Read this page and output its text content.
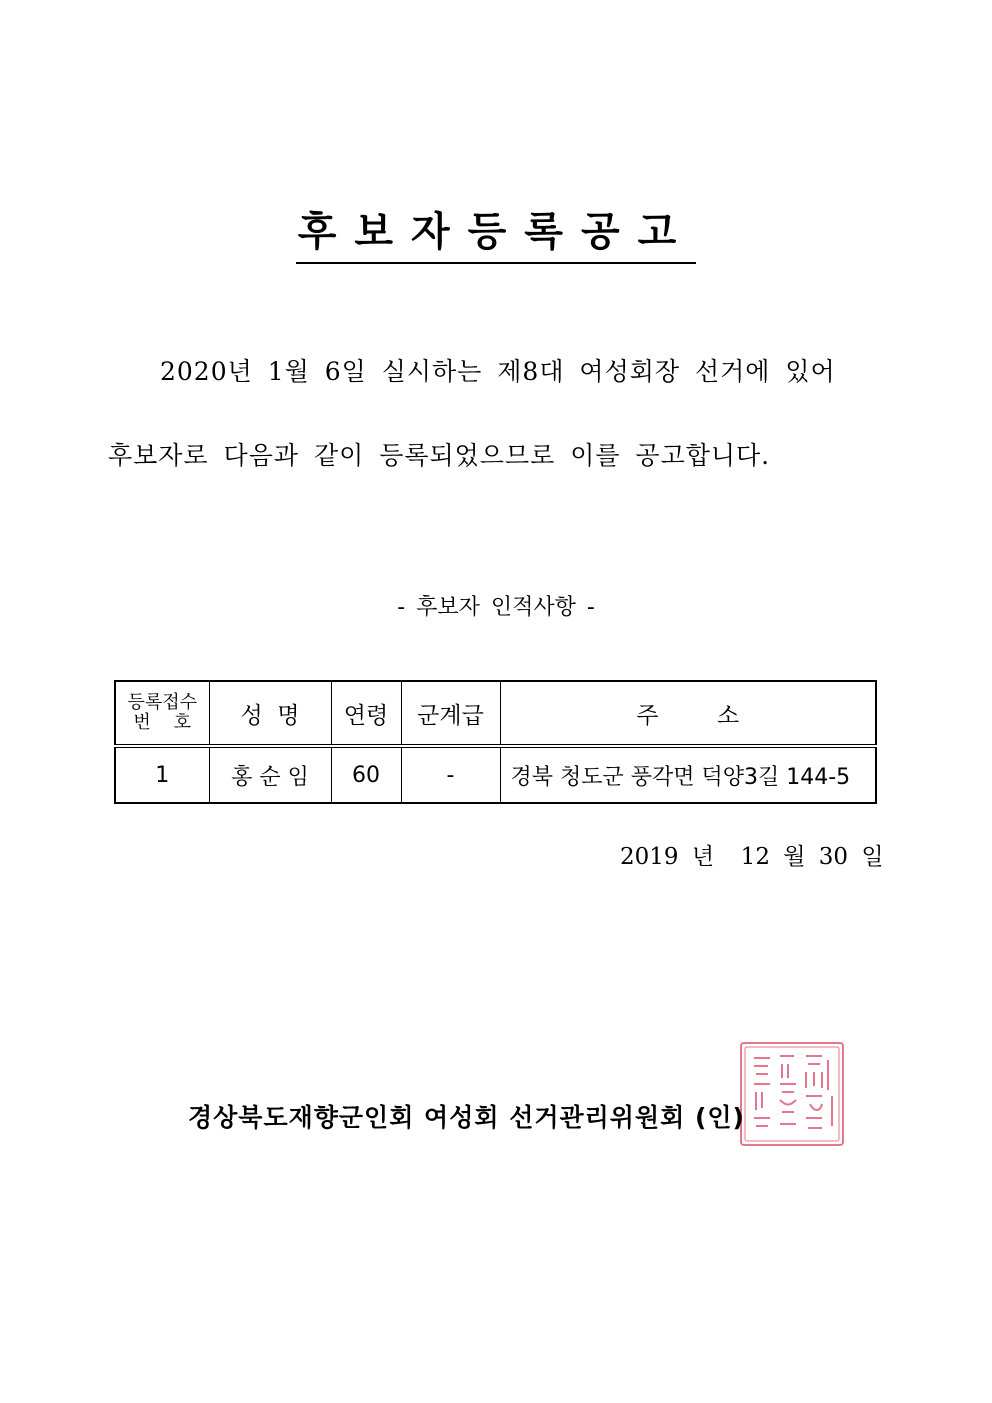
후보자등록공고
2020년 1월 6일 실시하는 제8대 여성회장 선거에 있어
후보자로 다음과 같이 등록되었으므로 이를 공고합니다.
- 후보자 인적사항 -
등록접수
번    호	성  명	연령	군계급	주        소
1	홍 순 임	60	-	경북 청도군 풍각면 덕양3길 144-5
2019 년  12 월 30 일
경상북도재향군인회 여성회 선거관리위원회 (인)
